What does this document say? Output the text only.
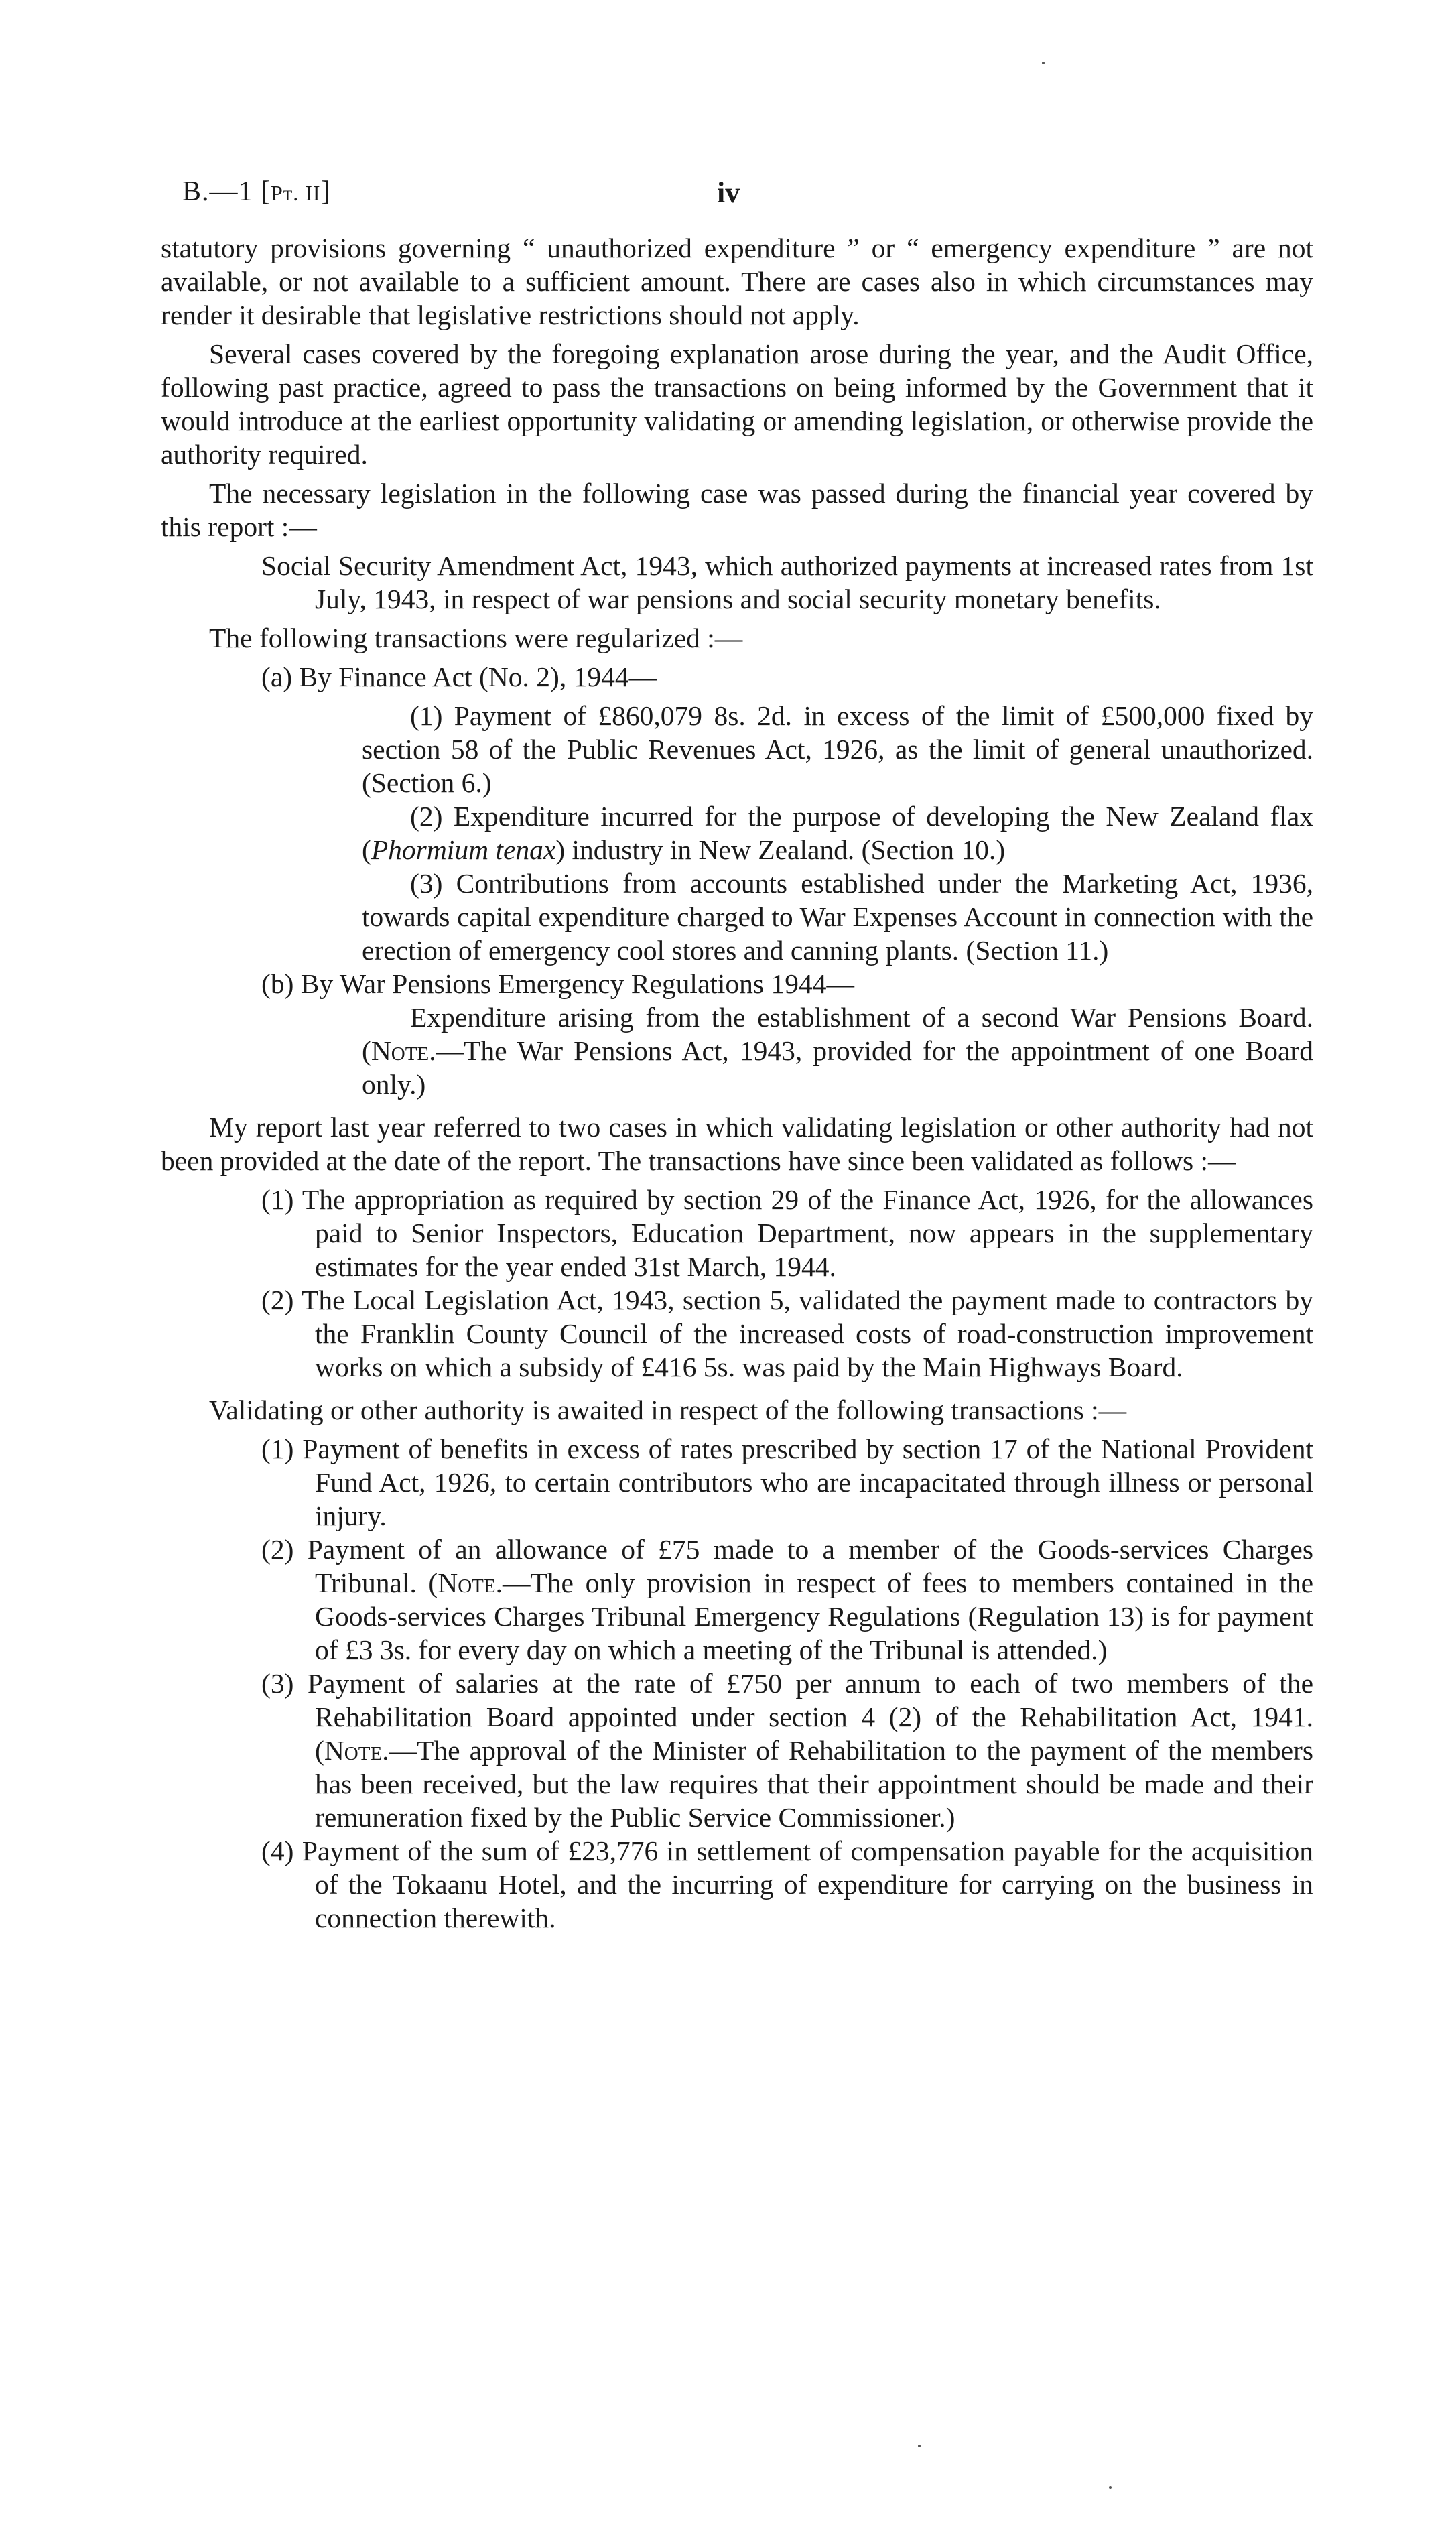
B.—1 [Pt. II]	iv

statutory provisions governing “ unauthorized expenditure ” or “ emergency expenditure ” are not available, or not available to a sufficient amount. There are cases also in which circumstances may render it desirable that legislative restrictions should not apply.

Several cases covered by the foregoing explanation arose during the year, and the Audit Office, following past practice, agreed to pass the transactions on being informed by the Government that it would introduce at the earliest opportunity validating or amending legislation, or otherwise provide the authority required.

The necessary legislation in the following case was passed during the financial year covered by this report :—

Social Security Amendment Act, 1943, which authorized payments at increased rates from 1st July, 1943, in respect of war pensions and social security monetary benefits.

The following transactions were regularized :—

(a) By Finance Act (No. 2), 1944—

(1) Payment of £860,079 8s. 2d. in excess of the limit of £500,000 fixed by section 58 of the Public Revenues Act, 1926, as the limit of general unauthorized. (Section 6.)

(2) Expenditure incurred for the purpose of developing the New Zealand flax (Phormium tenax) industry in New Zealand. (Section 10.)

(3) Contributions from accounts established under the Marketing Act, 1936, towards capital expenditure charged to War Expenses Account in connection with the erection of emergency cool stores and canning plants. (Section 11.)

(b) By War Pensions Emergency Regulations 1944—

Expenditure arising from the establishment of a second War Pensions Board. (Note.—The War Pensions Act, 1943, provided for the appointment of one Board only.)

My report last year referred to two cases in which validating legislation or other authority had not been provided at the date of the report. The transactions have since been validated as follows :—

(1) The appropriation as required by section 29 of the Finance Act, 1926, for the allowances paid to Senior Inspectors, Education Department, now appears in the supplementary estimates for the year ended 31st March, 1944.

(2) The Local Legislation Act, 1943, section 5, validated the payment made to contractors by the Franklin County Council of the increased costs of road-construction improvement works on which a subsidy of £416 5s. was paid by the Main Highways Board.

Validating or other authority is awaited in respect of the following transactions :—

(1) Payment of benefits in excess of rates prescribed by section 17 of the National Provident Fund Act, 1926, to certain contributors who are incapacitated through illness or personal injury.

(2) Payment of an allowance of £75 made to a member of the Goods-services Charges Tribunal. (Note.—The only provision in respect of fees to members contained in the Goods-services Charges Tribunal Emergency Regulations (Regulation 13) is for payment of £3 3s. for every day on which a meeting of the Tribunal is attended.)

(3) Payment of salaries at the rate of £750 per annum to each of two members of the Rehabilitation Board appointed under section 4 (2) of the Rehabilitation Act, 1941. (Note.—The approval of the Minister of Rehabilitation to the payment of the members has been received, but the law requires that their appointment should be made and their remuneration fixed by the Public Service Commissioner.)

(4) Payment of the sum of £23,776 in settlement of compensation payable for the acquisition of the Tokaanu Hotel, and the incurring of expenditure for carrying on the business in connection therewith.
